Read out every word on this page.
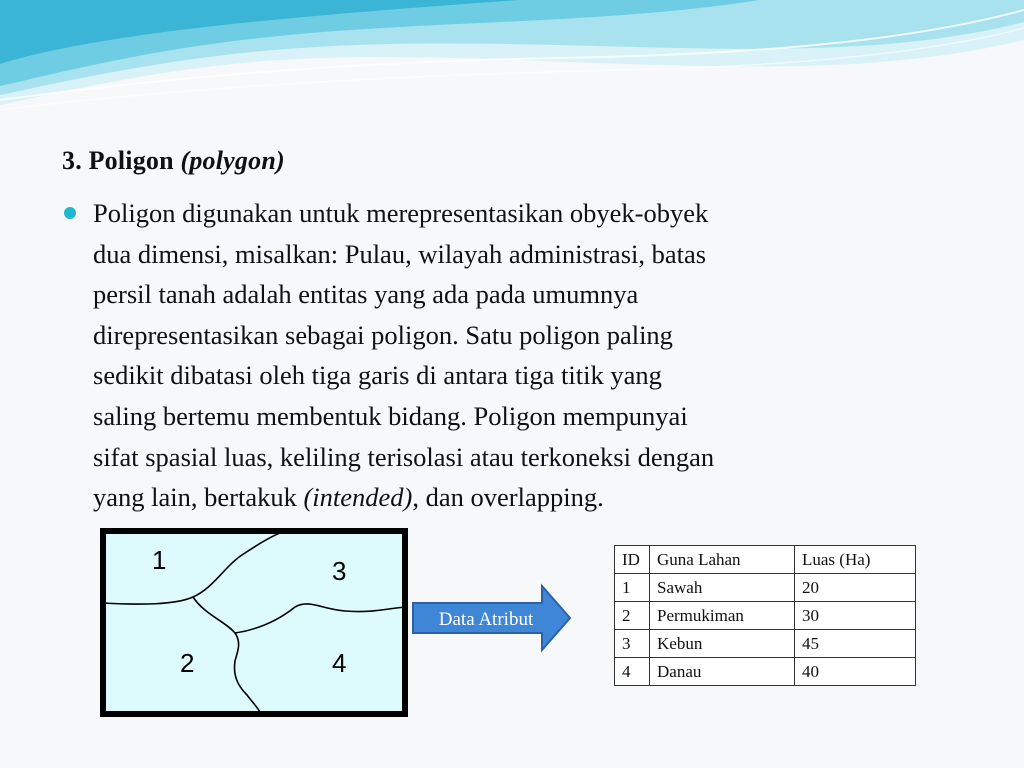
3. Poligon (polygon)
Poligon digunakan untuk merepresentasikan obyek-obyek
dua dimensi, misalkan: Pulau, wilayah administrasi, batas
persil tanah adalah entitas yang ada pada umumnya
direpresentasikan sebagai poligon. Satu poligon paling
sedikit dibatasi oleh tiga garis di antara tiga titik yang
saling bertemu membentuk bidang. Poligon mempunyai
sifat spasial luas, keliling terisolasi atau terkoneksi dengan
yang lain, bertakuk (intended), dan overlapping.
1	3
2	4
Data Atribut
ID	Guna Lahan	Luas (Ha)
1	Sawah	20
2	Permukiman	30
3	Kebun	45
4	Danau	40
